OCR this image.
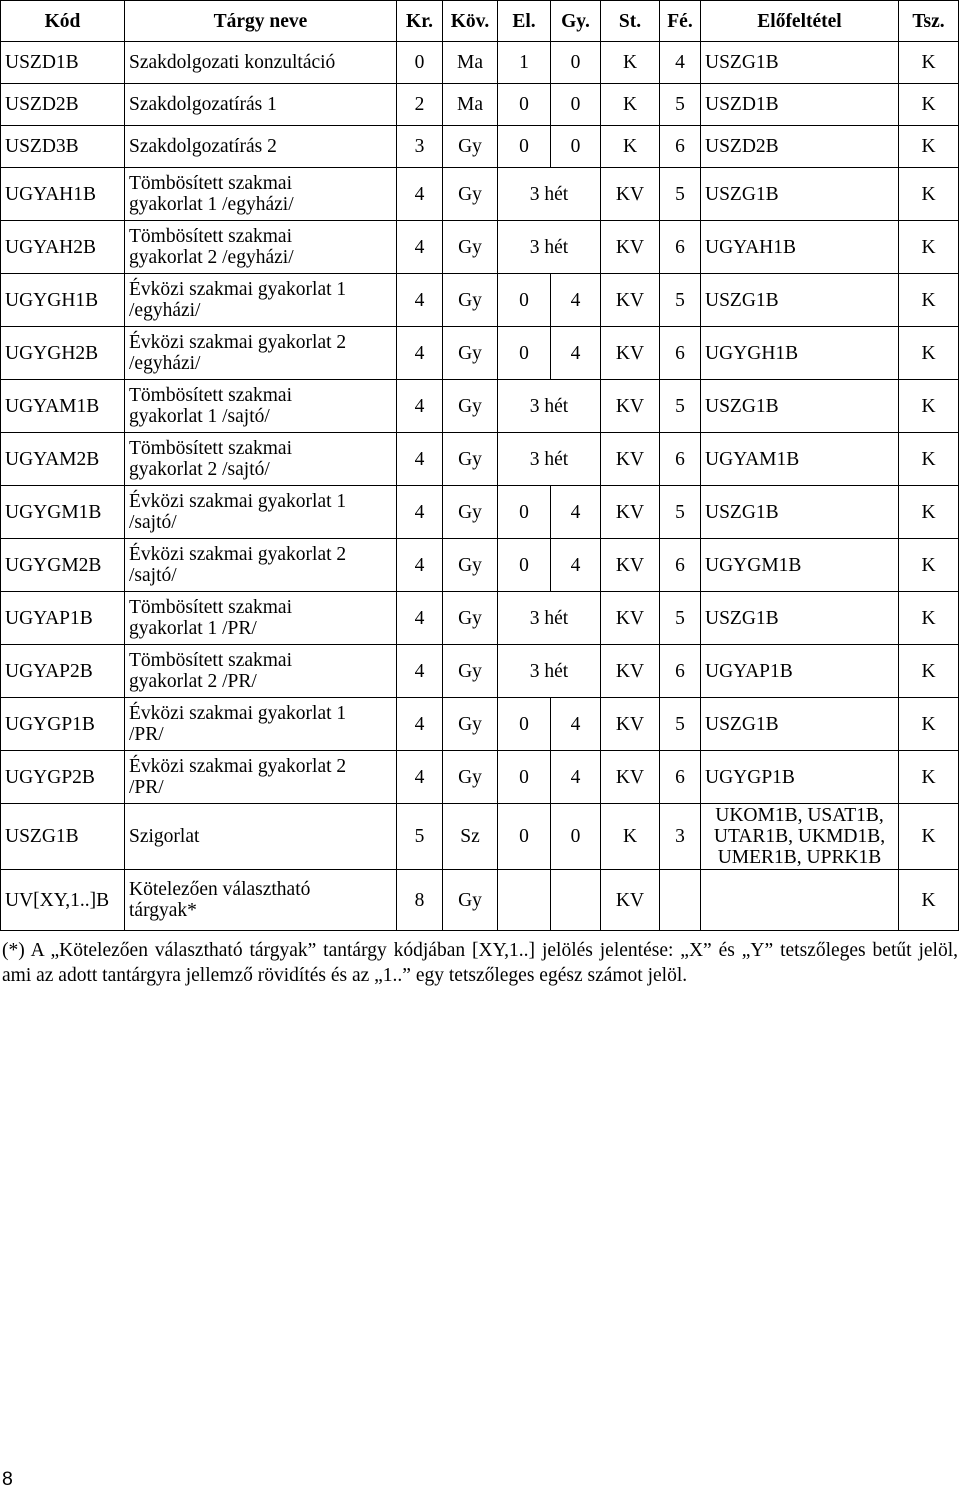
Kód	Tárgy neve	Kr.	Köv.	El.	Gy.	St.	Fé.	Előfeltétel	Tsz.
USZD1B	Szakdolgozati konzultáció	0	Ma	1	0	K	4	USZG1B	K
USZD2B	Szakdolgozatírás 1	2	Ma	0	0	K	5	USZD1B	K
USZD3B	Szakdolgozatírás 2	3	Gy	0	0	K	6	USZD2B	K
UGYAH1B	Tömbösített szakmai
gyakorlat 1 /egyházi/	4	Gy	3 hét		KV	5	USZG1B	K
UGYAH2B	Tömbösített szakmai
gyakorlat 2 /egyházi/	4	Gy	3 hét		KV	6	UGYAH1B	K
UGYGH1B	Évközi szakmai gyakorlat 1
/egyházi/	4	Gy	0	4	KV	5	USZG1B	K
UGYGH2B	Évközi szakmai gyakorlat 2
/egyházi/	4	Gy	0	4	KV	6	UGYGH1B	K
UGYAM1B	Tömbösített szakmai
gyakorlat 1 /sajtó/	4	Gy	3 hét		KV	5	USZG1B	K
UGYAM2B	Tömbösített szakmai
gyakorlat 2 /sajtó/	4	Gy	3 hét		KV	6	UGYAM1B	K
UGYGM1B	Évközi szakmai gyakorlat 1
/sajtó/	4	Gy	0	4	KV	5	USZG1B	K
UGYGM2B	Évközi szakmai gyakorlat 2
/sajtó/	4	Gy	0	4	KV	6	UGYGM1B	K
UGYAP1B	Tömbösített szakmai
gyakorlat 1 /PR/	4	Gy	3 hét		KV	5	USZG1B	K
UGYAP2B	Tömbösített szakmai
gyakorlat 2 /PR/	4	Gy	3 hét		KV	6	UGYAP1B	K
UGYGP1B	Évközi szakmai gyakorlat 1
/PR/	4	Gy	0	4	KV	5	USZG1B	K
UGYGP2B	Évközi szakmai gyakorlat 2
/PR/	4	Gy	0	4	KV	6	UGYGP1B	K
USZG1B	Szigorlat	5	Sz	0	0	K	3	UKOM1B, USAT1B,
UTAR1B, UKMD1B,
UMER1B, UPRK1B	K
UV[XY,1..]B	Kötelezően választható
tárgyak*	8	Gy			KV			K
(*) A „Kötelezően választható tárgyak” tantárgy kódjában [XY,1..] jelölés jelentése: „X” és „Y” tetszőleges betűt jelöl, ami az adott tantárgyra jellemző rövidítés és az „1..” egy tetszőleges egész számot jelöl.
8
